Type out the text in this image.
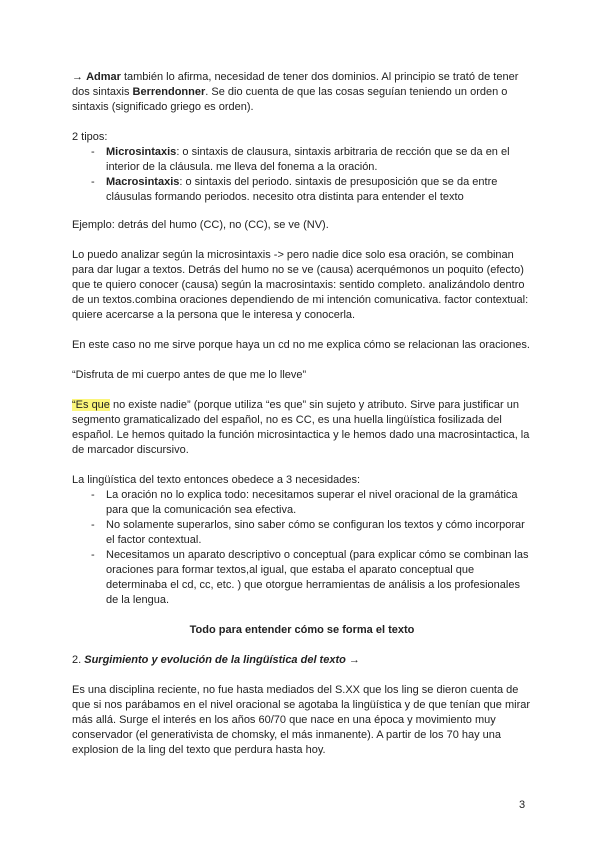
→ Admar también lo afirma, necesidad de tener dos dominios. Al principio se trató de tener dos sintaxis Berrendonner. Se dio cuenta de que las cosas seguían teniendo un orden o sintaxis (significado griego es orden).

2 tipos:

- Microsintaxis: o sintaxis de clausura, sintaxis arbitraria de rección que se da en el interior de la cláusula. me lleva del fonema a la oración.
- Macrosintaxis: o sintaxis del periodo. sintaxis de presuposición que se da entre cláusulas formando periodos. necesito otra distinta para entender el texto

Ejemplo: detrás del humo (CC), no (CC), se ve (NV).

Lo puedo analizar según la microsintaxis -> pero nadie dice solo esa oración, se combinan para dar lugar a textos. Detrás del humo no se ve (causa) acerquémonos un poquito (efecto) que te quiero conocer (causa) según la macrosintaxis: sentido completo. analizándolo dentro de un textos.combina oraciones dependiendo de mi intención comunicativa. factor contextual: quiere acercarse a la persona que le interesa y conocerla.

En este caso no me sirve porque haya un cd no me explica cómo se relacionan las oraciones.

“Disfruta de mi cuerpo antes de que me lo lleve”

“Es que no existe nadie” (porque utiliza “es que” sin sujeto y atributo. Sirve para justificar un segmento gramaticalizado del español, no es CC, es una huella lingüística fosilizada del español. Le hemos quitado la función microsintactica y le hemos dado una macrosintactica, la de marcador discursivo.

La lingüística del texto entonces obedece a 3 necesidades:

- La oración no lo explica todo: necesitamos superar el nivel oracional de la gramática para que la comunicación sea efectiva.
- No solamente superarlos, sino saber cómo se configuran los textos y cómo incorporar el factor contextual.
- Necesitamos un aparato descriptivo o conceptual (para explicar cómo se combinan las oraciones para formar textos,al igual, que estaba el aparato conceptual que determinaba el cd, cc, etc. ) que otorgue herramientas de análisis a los profesionales de la lengua.

Todo para entender cómo se forma el texto

2. Surgimiento y evolución de la lingüística del texto →

Es una disciplina reciente, no fue hasta mediados del S.XX que los ling se dieron cuenta de que si nos parábamos en el nivel oracional se agotaba la lingüística y de que tenían que mirar más allá. Surge el interés en los años 60/70 que nace en una época y movimiento muy conservador (el generativista de chomsky, el más inmanente). A partir de los 70 hay una explosion de la ling del texto que perdura hasta hoy.

3
